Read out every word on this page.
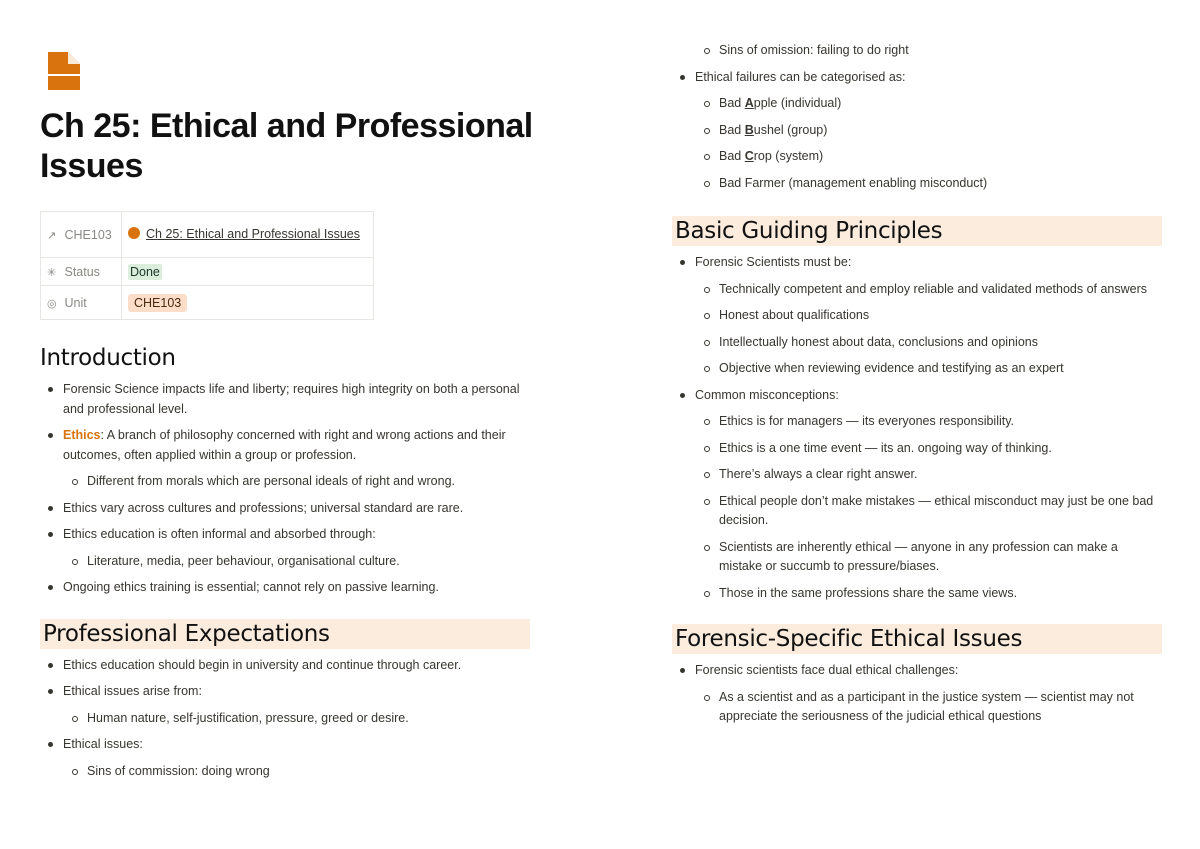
Ch 25: Ethical and Professional Issues
↗ CHE103	Ch 25: Ethical and Professional Issues
✳ Status	Done
◎ Unit	CHE103
Introduction
Forensic Science impacts life and liberty; requires high integrity on both a personal and professional level.
Ethics: A branch of philosophy concerned with right and wrong actions and their outcomes, often applied within a group or profession.
Different from morals which are personal ideals of right and wrong.
Ethics vary across cultures and professions; universal standard are rare.
Ethics education is often informal and absorbed through:
Literature, media, peer behaviour, organisational culture.
Ongoing ethics training is essential; cannot rely on passive learning.
Professional Expectations
Ethics education should begin in university and continue through career.
Ethical issues arise from:
Human nature, self-justification, pressure, greed or desire.
Ethical issues:
Sins of commission: doing wrong
Sins of omission: failing to do right
Ethical failures can be categorised as:
Bad Apple (individual)
Bad Bushel (group)
Bad Crop (system)
Bad Farmer (management enabling misconduct)
Basic Guiding Principles
Forensic Scientists must be:
Technically competent and employ reliable and validated methods of answers
Honest about qualifications
Intellectually honest about data, conclusions and opinions
Objective when reviewing evidence and testifying as an expert
Common misconceptions:
Ethics is for managers — its everyones responsibility.
Ethics is a one time event — its an. ongoing way of thinking.
There’s always a clear right answer.
Ethical people don’t make mistakes — ethical misconduct may just be one bad decision.
Scientists are inherently ethical — anyone in any profession can make a mistake or succumb to pressure/biases.
Those in the same professions share the same views.
Forensic-Specific Ethical Issues
Forensic scientists face dual ethical challenges:
As a scientist and as a participant in the justice system — scientist may not appreciate the seriousness of the judicial ethical questions
